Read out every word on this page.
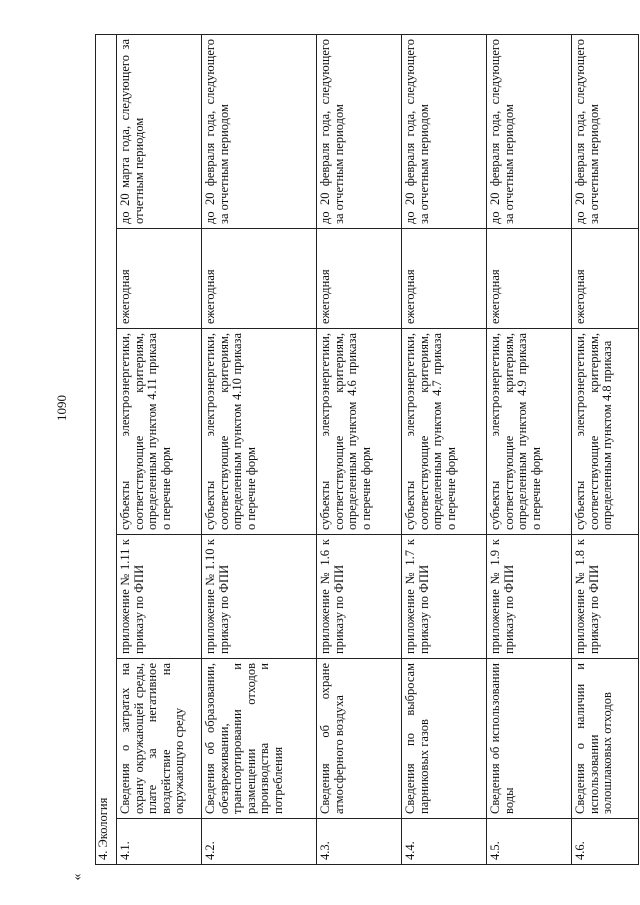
1090
«
4. Экология					
4.1.	Сведения о затратах на охрану окружающей среды, плате за негативное воздействие на окружающую среду	приложение № 1.11 к приказу по ФПИ	субъекты электроэнергетики, соответствующие критериям, определенным пунктом 4.11 приказа о перечне форм	ежегодная	до 20 марта года, следующего за отчетным периодом
4.2.	Сведения об образовании, обезвреживании, транспортировании и размещении отходов производства и потребления	приложение № 1.10 к приказу по ФПИ	субъекты электроэнергетики, соответствующие критериям, определенным пунктом 4.10 приказа о перечне форм	ежегодная	до 20 февраля года, следующего за отчетным периодом
4.3.	Сведения об охране атмосферного воздуха	приложение № 1.6 к приказу по ФПИ	субъекты электроэнергетики, соответствующие критериям, определенным пунктом 4.6 приказа о перечне форм	ежегодная	до 20 февраля года, следующего за отчетным периодом
4.4.	Сведения по выбросам парниковых газов	приложение № 1.7 к приказу по ФПИ	субъекты электроэнергетики, соответствующие критериям, определенным пунктом 4.7 приказа о перечне форм	ежегодная	до 20 февраля года, следующего за отчетным периодом
4.5.	Сведения об использовании воды	приложение № 1.9 к приказу по ФПИ	субъекты электроэнергетики, соответствующие критериям, определенным пунктом 4.9 приказа о перечне форм	ежегодная	до 20 февраля года, следующего за отчетным периодом
4.6.	Сведения о наличии и использовании золошлаковых отходов	приложение № 1.8 к приказу по ФПИ	субъекты электроэнергетики, соответствующие критериям, определенным пунктом 4.8 приказа	ежегодная	до 20 февраля года, следующего за отчетным периодом
